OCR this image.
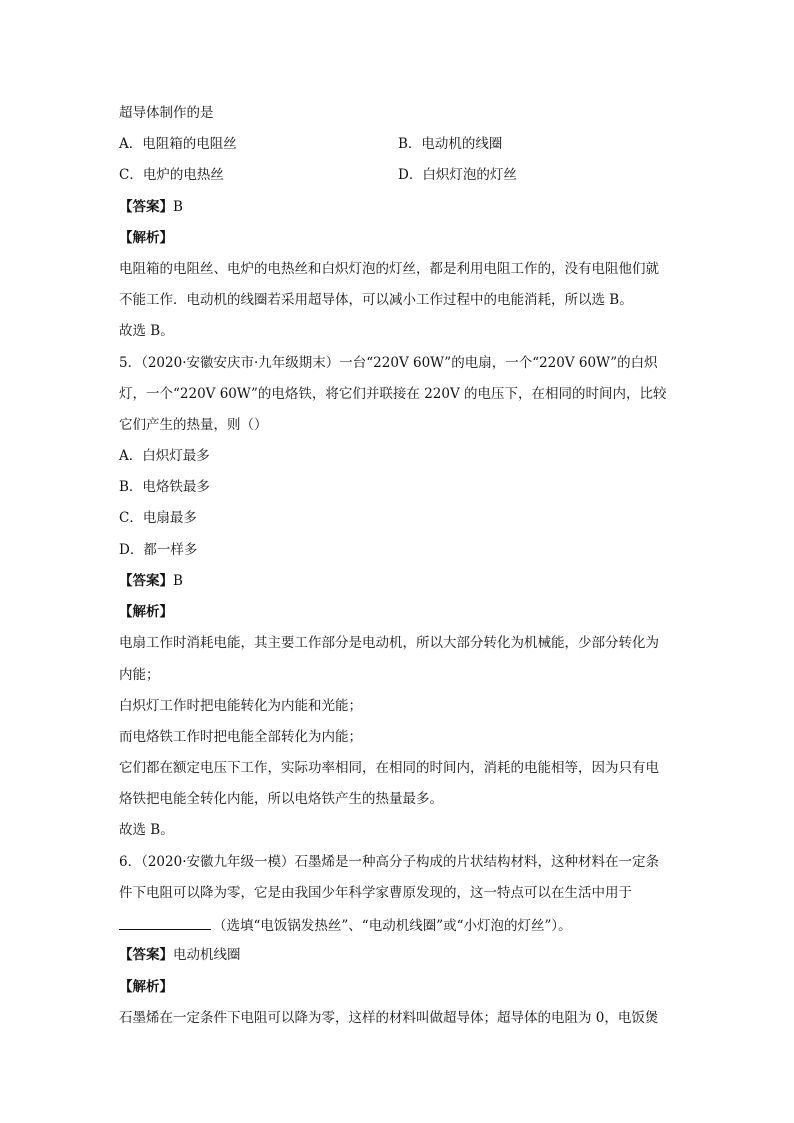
超导体制作的是
A．电阻箱的电阻丝	B．电动机的线圈
C．电炉的电热丝	D．白炽灯泡的灯丝
【答案】B
【解析】
电阻箱的电阻丝、电炉的电热丝和白炽灯泡的灯丝，都是利用电阻工作的，没有电阻他们就
不能工作．电动机的线圈若采用超导体，可以减小工作过程中的电能消耗，所以选 B。
故选 B。
5．（2020·安徽安庆市·九年级期末）一台“220V 60W”的电扇，一个“220V 60W”的白炽
灯，一个“220V 60W”的电烙铁，将它们并联接在 220V 的电压下，在相同的时间内，比较
它们产生的热量，则（）
A．白炽灯最多
B．电烙铁最多
C．电扇最多
D．都一样多
【答案】B
【解析】
电扇工作时消耗电能，其主要工作部分是电动机，所以大部分转化为机械能，少部分转化为
内能；
白炽灯工作时把电能转化为内能和光能；
而电烙铁工作时把电能全部转化为内能；
它们都在额定电压下工作，实际功率相同，在相同的时间内，消耗的电能相等，因为只有电
烙铁把电能全转化内能，所以电烙铁产生的热量最多。
故选 B。
6．（2020·安徽九年级一模）石墨烯是一种高分子构成的片状结构材料，这种材料在一定条
件下电阻可以降为零，它是由我国少年科学家曹原发现的，这一特点可以在生活中用于
（选填“电饭锅发热丝”、“电动机线圈”或“小灯泡的灯丝”）。
【答案】电动机线圈
【解析】
石墨烯在一定条件下电阻可以降为零，这样的材料叫做超导体；超导体的电阻为 0，电饭煲
